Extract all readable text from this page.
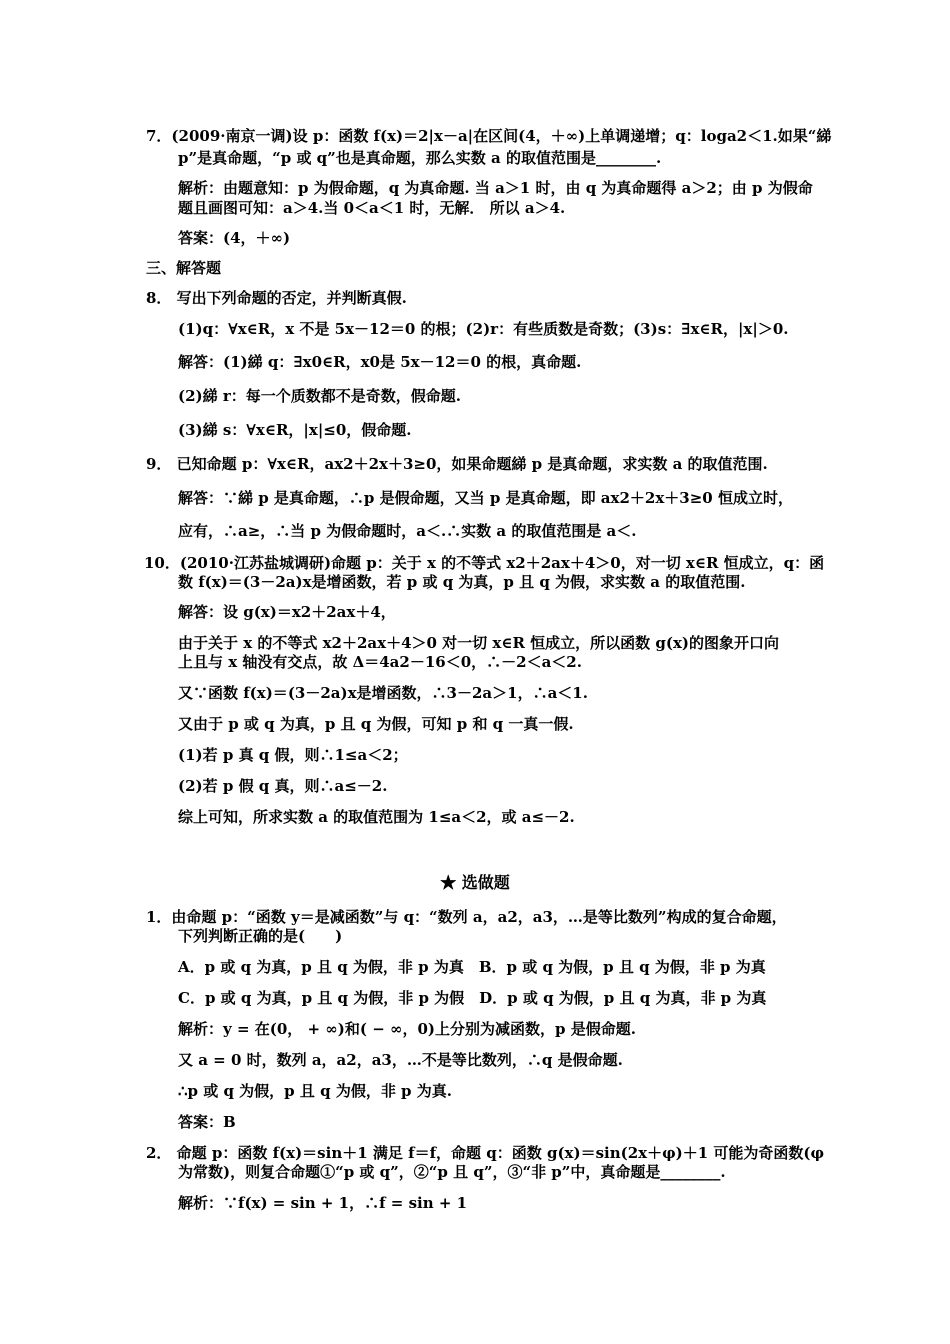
7．(2009·南京一调)设 p：函数 f(x)＝2|x－a|在区间(4，＋∞)上单调递增；q：loga2＜1.如果“綈
p”是真命题，“p 或 q”也是真命题，那么实数 a 的取值范围是________.
解析：由题意知：p 为假命题，q 为真命题. 当 a＞1 时，由 q 为真命题得 a＞2；由 p 为假命
题且画图可知：a＞4.当 0＜a＜1 时，无解． 所以 a＞4.
答案：(4，＋∞)
三、解答题
8． 写出下列命题的否定，并判断真假.
(1)q：∀x∈R，x 不是 5x－12＝0 的根；(2)r：有些质数是奇数；(3)s：∃x∈R，|x|＞0.
解答：(1)綈 q：∃x0∈R，x0是 5x－12＝0 的根，真命题.
(2)綈 r：每一个质数都不是奇数，假命题.
(3)綈 s：∀x∈R，|x|≤0，假命题.
9． 已知命题 p：∀x∈R，ax2＋2x＋3≥0，如果命题綈 p 是真命题，求实数 a 的取值范围.
解答：∵綈 p 是真命题，∴p 是假命题，又当 p 是真命题，即 ax2＋2x＋3≥0 恒成立时，
应有，∴a≥，∴当 p 为假命题时，a＜.∴实数 a 的取值范围是 a＜.
10．(2010·江苏盐城调研)命题 p：关于 x 的不等式 x2＋2ax＋4＞0，对一切 x∈R 恒成立，q：函
数 f(x)＝(3－2a)x是增函数，若 p 或 q 为真，p 且 q 为假，求实数 a 的取值范围.
解答：设 g(x)＝x2＋2ax＋4，
由于关于 x 的不等式 x2＋2ax＋4＞0 对一切 x∈R 恒成立，所以函数 g(x)的图象开口向
上且与 x 轴没有交点，故 Δ＝4a2－16＜0，∴－2＜a＜2.
又∵函数 f(x)＝(3－2a)x是增函数，∴3－2a＞1，∴a＜1.
又由于 p 或 q 为真，p 且 q 为假，可知 p 和 q 一真一假.
(1)若 p 真 q 假，则∴1≤a＜2；
(2)若 p 假 q 真，则∴a≤－2.
综上可知，所求实数 a 的取值范围为 1≤a＜2，或 a≤－2.
★ 选做题
1．由命题 p：“函数 y＝是减函数”与 q：“数列 a，a2，a3，…是等比数列”构成的复合命题，
下列判断正确的是(　　)
A．p 或 q 为真，p 且 q 为假，非 p 为真　B．p 或 q 为假，p 且 q 为假，非 p 为真
C．p 或 q 为真，p 且 q 为假，非 p 为假　D．p 或 q 为假，p 且 q 为真，非 p 为真
解析：y = 在(0， + ∞)和( − ∞，0)上分别为减函数，p 是假命题.
又 a = 0 时，数列 a，a2，a3，…不是等比数列，∴q 是假命题.
∴p 或 q 为假，p 且 q 为假，非 p 为真.
答案：B
2． 命题 p：函数 f(x)＝sin＋1 满足 f＝f，命题 q：函数 g(x)＝sin(2x＋φ)＋1 可能为奇函数(φ
为常数)，则复合命题①“p 或 q”，②“p 且 q”，③“非 p”中，真命题是________.
解析：∵f(x) = sin + 1，∴f = sin + 1
